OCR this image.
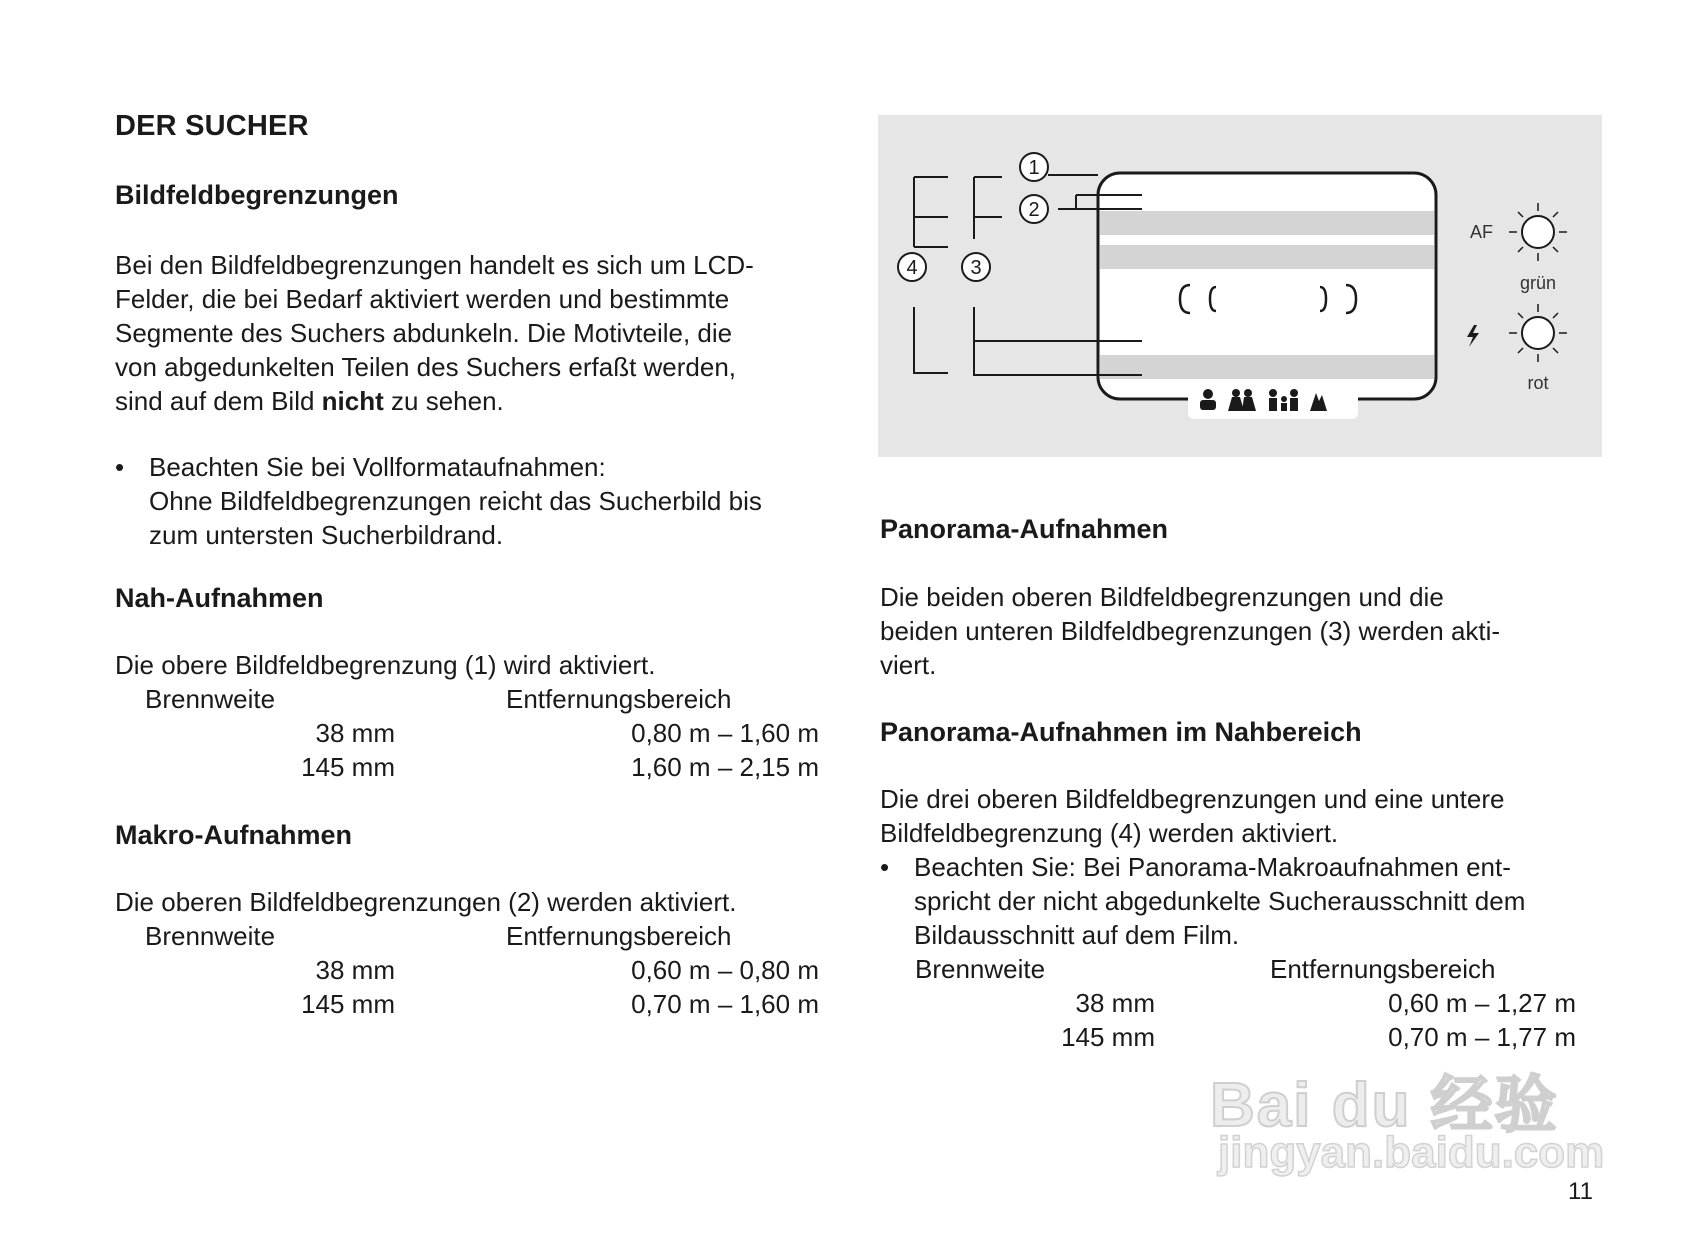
DER SUCHER
Bildfeldbegrenzungen
Bei den Bildfeldbegrenzungen handelt es sich um LCD-
Felder, die bei Bedarf aktiviert werden und bestimmte
Segmente des Suchers abdunkeln. Die Motivteile, die
von abgedunkelten Teilen des Suchers erfaßt werden,
sind auf dem Bild nicht zu sehen.
• Beachten Sie bei Vollformataufnahmen:
Ohne Bildfeldbegrenzungen reicht das Sucherbild bis
zum untersten Sucherbildrand.
Nah-Aufnahmen
Die obere Bildfeldbegrenzung (1) wird aktiviert.
Brennweite	Entfernungsbereich
38 mm	0,80 m – 1,60 m
145 mm	1,60 m – 2,15 m
Makro-Aufnahmen
Die oberen Bildfeldbegrenzungen (2) werden aktiviert.
Brennweite	Entfernungsbereich
38 mm	0,60 m – 0,80 m
145 mm	0,70 m – 1,60 m
1
2
3
4
AF
grün
rot
Panorama-Aufnahmen
Die beiden oberen Bildfeldbegrenzungen und die
beiden unteren Bildfeldbegrenzungen (3) werden akti-
viert.
Panorama-Aufnahmen im Nahbereich
Die drei oberen Bildfeldbegrenzungen und eine untere
Bildfeldbegrenzung (4) werden aktiviert.
• Beachten Sie: Bei Panorama-Makroaufnahmen ent-
spricht der nicht abgedunkelte Sucherausschnitt dem
Bildausschnitt auf dem Film.
Brennweite	Entfernungsbereich
38 mm	0,60 m – 1,27 m
145 mm	0,70 m – 1,77 m
Bai du 经验
jingyan.baidu.com
11
